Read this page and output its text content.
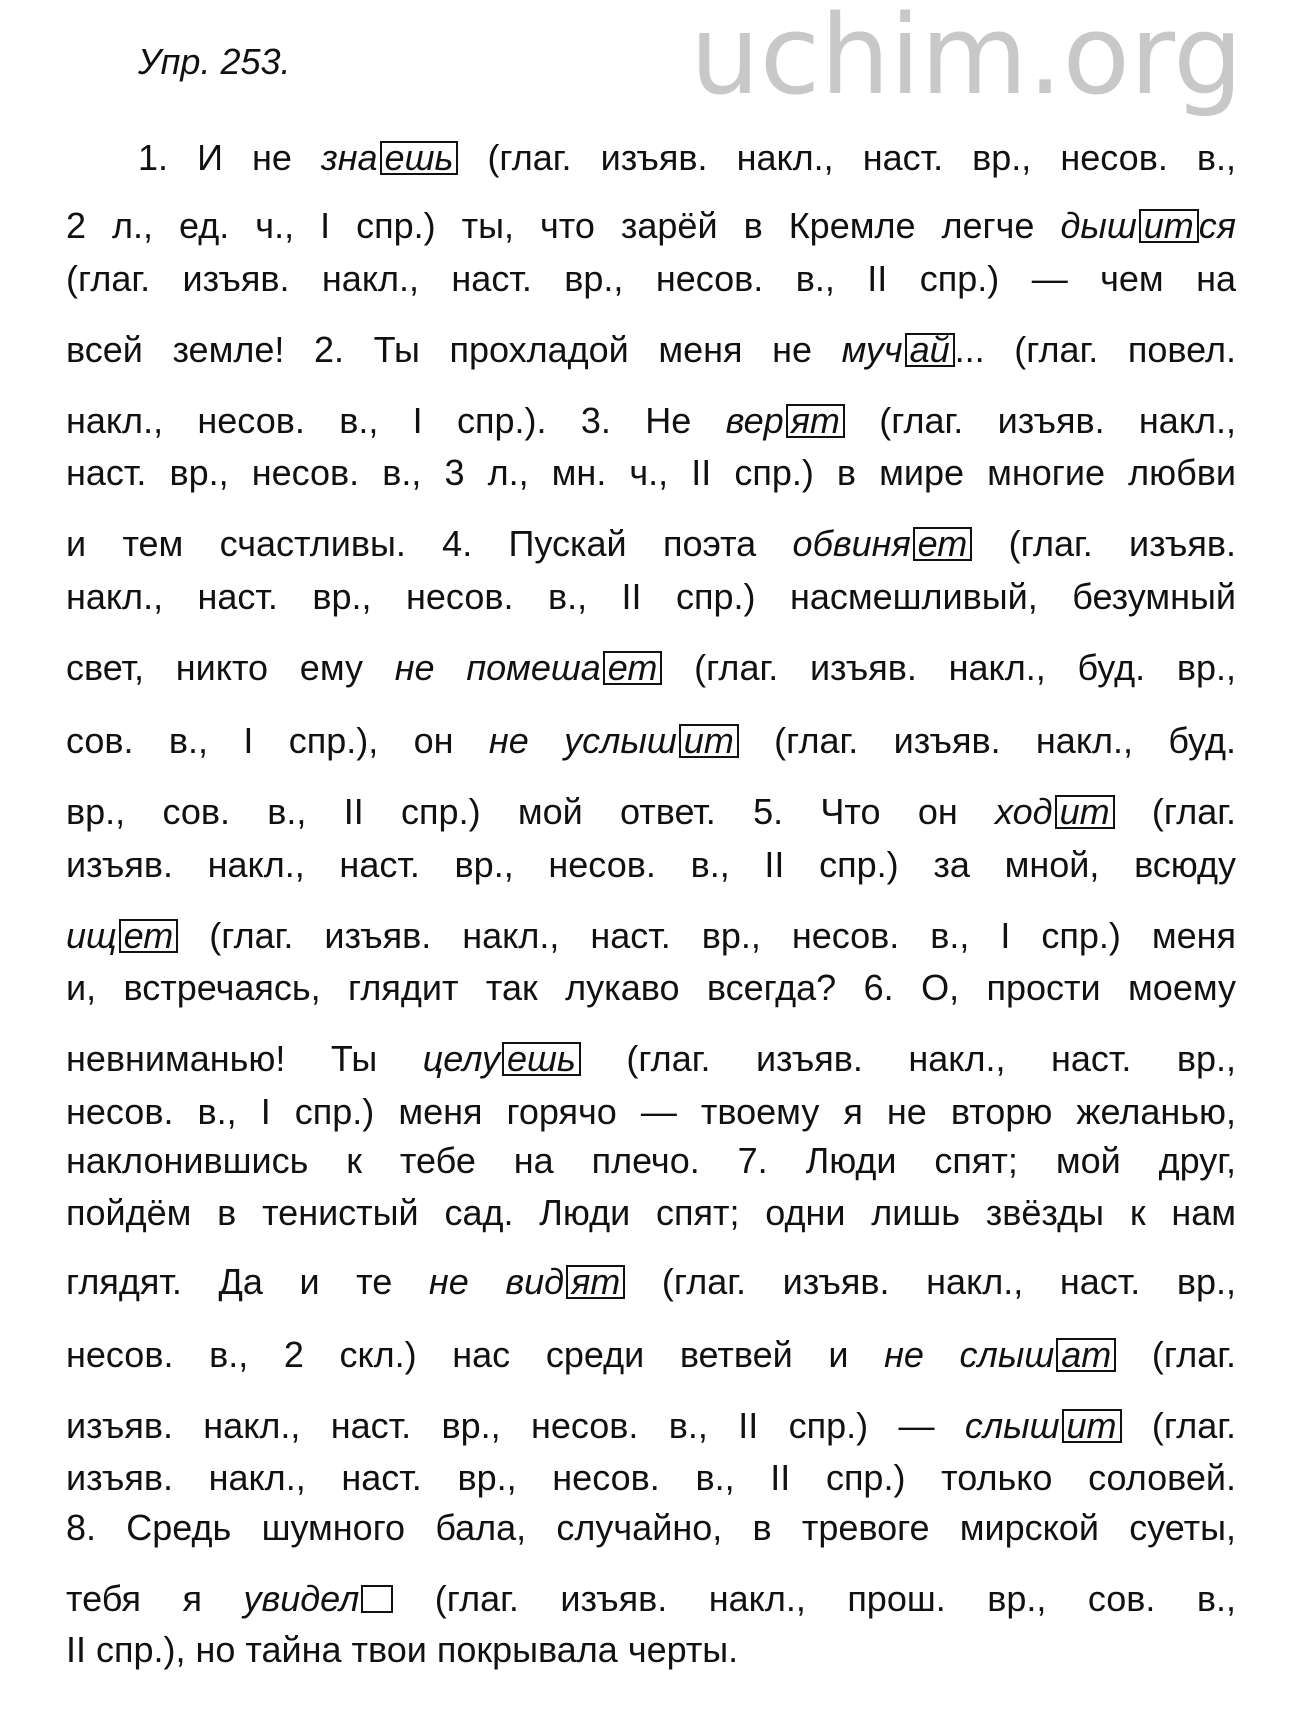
uchim.org
Упр. 253.
1. И не зна ешь (глаг. изъяв. накл., наст. вр., несов. в.,
2 л., ед. ч., I спр.) ты, что зарёй в Кремле легче дыш ит ся
(глаг. изъяв. накл., наст. вр., несов. в., II спр.) — чем на
всей земле! 2. Ты прохладой меня не муч ай ... (глаг. повел.
накл., несов. в., I спр.). 3. Не вер ят (глаг. изъяв. накл.,
наст. вр., несов. в., 3 л., мн. ч., II спр.) в мире многие любви
и тем счастливы. 4. Пускай поэта обвиня ет (глаг. изъяв.
накл., наст. вр., несов. в., II спр.) насмешливый, безумный
свет, никто ему не помеша ет (глаг. изъяв. накл., буд. вр.,
сов. в., I спр.), он не услыш ит (глаг. изъяв. накл., буд.
вр., сов. в., II спр.) мой ответ. 5. Что он ход ит (глаг.
изъяв. накл., наст. вр., несов. в., II спр.) за мной, всюду
ищ ет (глаг. изъяв. накл., наст. вр., несов. в., I спр.) меня
и, встречаясь, глядит так лукаво всегда? 6. О, прости моему
невниманью! Ты целу ешь (глаг. изъяв. накл., наст. вр.,
несов. в., I спр.) меня горячо — твоему я не вторю желанью,
наклонившись к тебе на плечо. 7. Люди спят; мой друг,
пойдём в тенистый сад. Люди спят; одни лишь звёзды к нам
глядят. Да и те не вид ят (глаг. изъяв. накл., наст. вр.,
несов. в., 2 скл.) нас среди ветвей и не слыш ат (глаг.
изъяв. накл., наст. вр., несов. в., II спр.) — слыш ит (глаг.
изъяв. накл., наст. вр., несов. в., II спр.) только соловей.
8. Средь шумного бала, случайно, в тревоге мирской суеты,
тебя я увидел (глаг. изъяв. накл., прош. вр., сов. в.,
II спр.), но тайна твои покрывала черты.
